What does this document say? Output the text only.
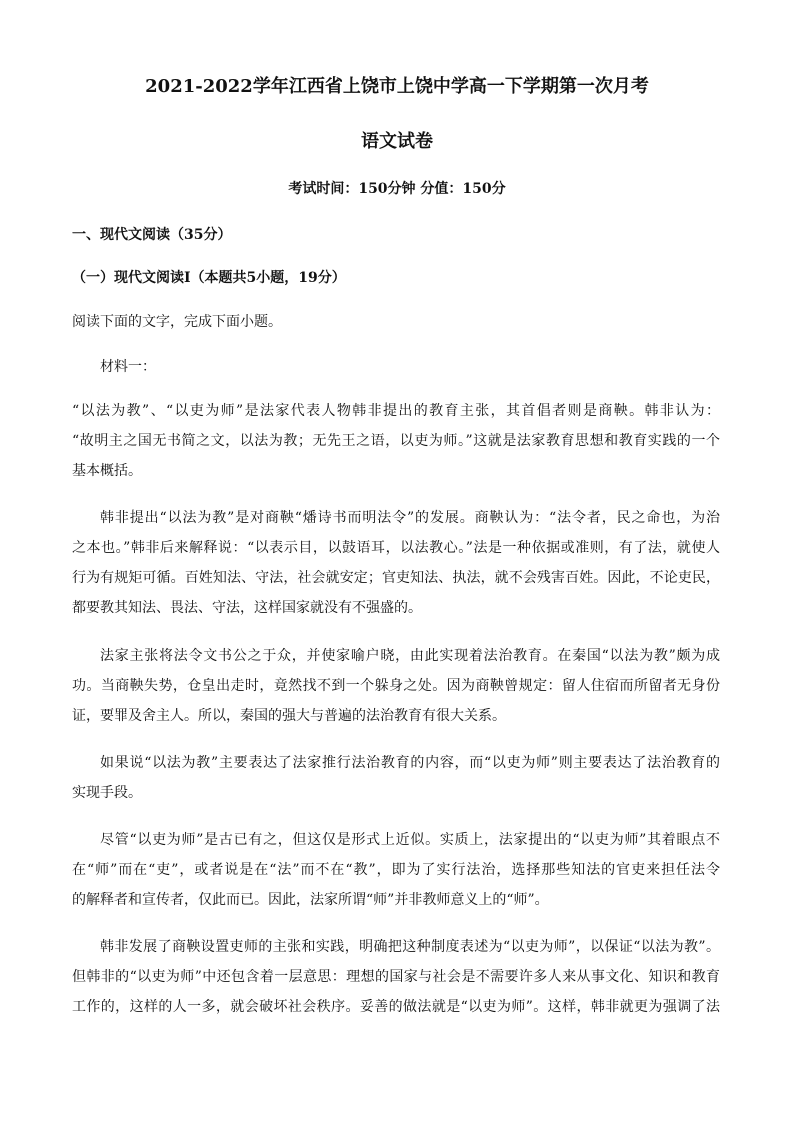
2021-2022学年江西省上饶市上饶中学高一下学期第一次月考
语文试卷
考试时间：150分钟 分值：150分
一、现代文阅读（35分）
（一）现代文阅读Ⅰ（本题共5小题，19分）
阅读下面的文字，完成下面小题。
材料一：
“以法为教”、“以吏为师”是法家代表人物韩非提出的教育主张，其首倡者则是商鞅。韩非认为：
“故明主之国无书简之文，以法为教；无先王之语，以吏为师。”这就是法家教育思想和教育实践的一个
基本概括。
韩非提出“以法为教”是对商鞅“燔诗书而明法令”的发展。商鞅认为：“法令者，民之命也，为治
之本也。”韩非后来解释说：“以表示目，以鼓语耳，以法教心。”法是一种依据或准则，有了法，就使人
行为有规矩可循。百姓知法、守法，社会就安定；官吏知法、执法，就不会残害百姓。因此，不论吏民，
都要教其知法、畏法、守法，这样国家就没有不强盛的。
法家主张将法令文书公之于众，并使家喻户晓，由此实现着法治教育。在秦国“以法为教”颇为成
功。当商鞅失势，仓皇出走时，竟然找不到一个躲身之处。因为商鞅曾规定：留人住宿而所留者无身份
证，要罪及舍主人。所以，秦国的强大与普遍的法治教育有很大关系。
如果说“以法为教”主要表达了法家推行法治教育的内容，而“以吏为师”则主要表达了法治教育的
实现手段。
尽管“以吏为师”是古已有之，但这仅是形式上近似。实质上，法家提出的“以吏为师”其着眼点不
在“师”而在“吏”，或者说是在“法”而不在“教”，即为了实行法治，选择那些知法的官吏来担任法令
的解释者和宣传者，仅此而已。因此，法家所谓“师”并非教师意义上的“师”。
韩非发展了商鞅设置吏师的主张和实践，明确把这种制度表述为“以吏为师”，以保证“以法为教”。
但韩非的“以吏为师”中还包含着一层意思：理想的国家与社会是不需要许多人来从事文化、知识和教育
工作的，这样的人一多，就会破坏社会秩序。妥善的做法就是“以吏为师”。这样，韩非就更为强调了法
